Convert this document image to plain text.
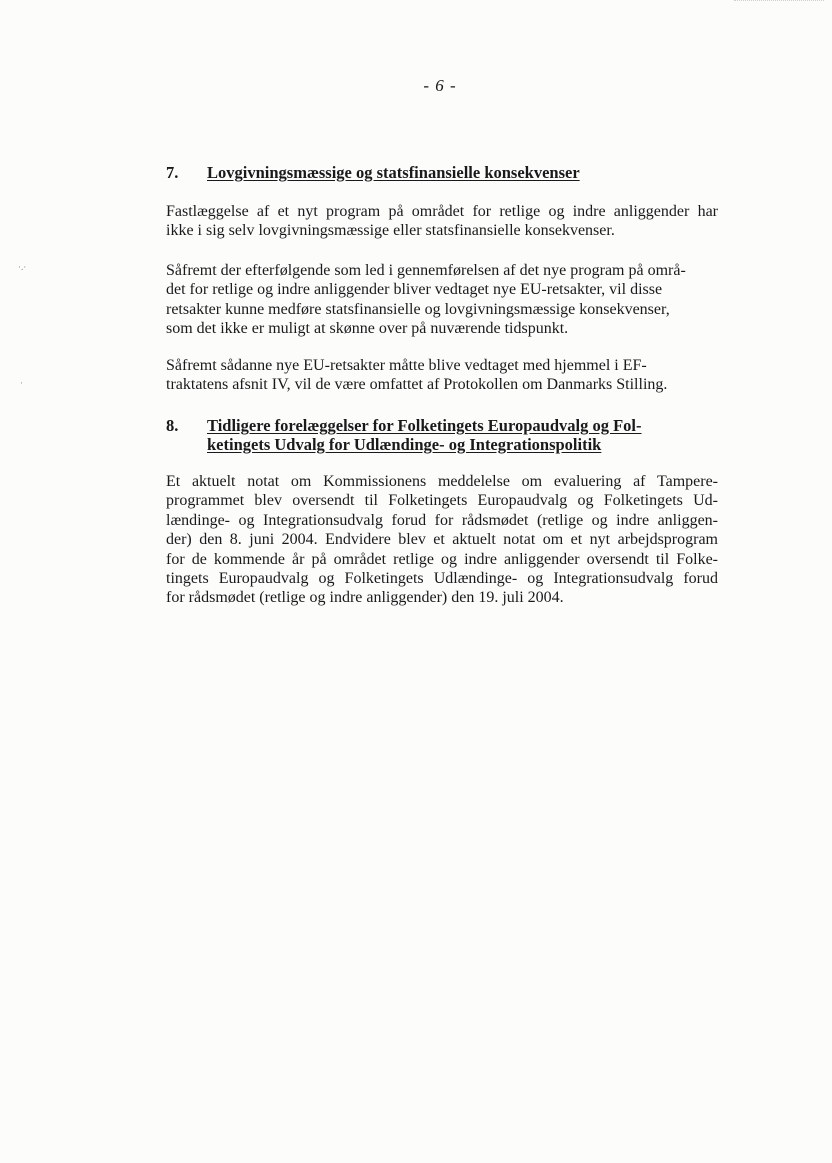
- 6 -
7. Lovgivningsmæssige og statsfinansielle konsekvenser

Fastlæggelse af et nyt program på området for retlige og indre anliggender har
ikke i sig selv lovgivningsmæssige eller statsfinansielle konsekvenser.

Såfremt der efterfølgende som led i gennemførelsen af det nye program på områ-
det for retlige og indre anliggender bliver vedtaget nye EU-retsakter, vil disse
retsakter kunne medføre statsfinansielle og lovgivningsmæssige konsekvenser,
som det ikke er muligt at skønne over på nuværende tidspunkt.

Såfremt sådanne nye EU-retsakter måtte blive vedtaget med hjemmel i EF-
traktatens afsnit IV, vil de være omfattet af Protokollen om Danmarks Stilling.

8. Tidligere forelæggelser for Folketingets Europaudvalg og Fol-
ketingets Udvalg for Udlændinge- og Integrationspolitik

Et aktuelt notat om Kommissionens meddelelse om evaluering af Tampere-
programmet blev oversendt til Folketingets Europaudvalg og Folketingets Ud-
lændinge- og Integrationsudvalg forud for rådsmødet (retlige og indre anliggen-
der) den 8. juni 2004. Endvidere blev et aktuelt notat om et nyt arbejdsprogram
for de kommende år på området retlige og indre anliggender oversendt til Folke-
tingets Europaudvalg og Folketingets Udlændinge- og Integrationsudvalg forud
for rådsmødet (retlige og indre anliggender) den 19. juli 2004.

·.·
·
